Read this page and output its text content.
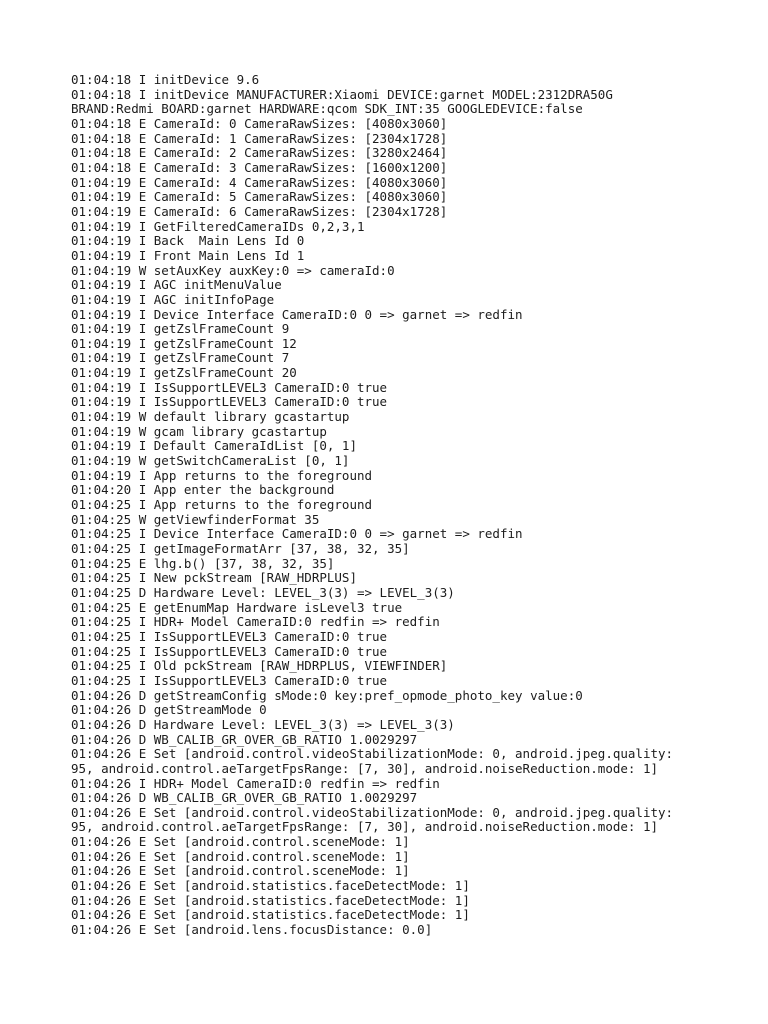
01:04:18 I initDevice 9.6
01:04:18 I initDevice MANUFACTURER:Xiaomi DEVICE:garnet MODEL:2312DRA50G
BRAND:Redmi BOARD:garnet HARDWARE:qcom SDK_INT:35 GOOGLEDEVICE:false
01:04:18 E CameraId: 0 CameraRawSizes: [4080x3060]
01:04:18 E CameraId: 1 CameraRawSizes: [2304x1728]
01:04:18 E CameraId: 2 CameraRawSizes: [3280x2464]
01:04:18 E CameraId: 3 CameraRawSizes: [1600x1200]
01:04:19 E CameraId: 4 CameraRawSizes: [4080x3060]
01:04:19 E CameraId: 5 CameraRawSizes: [4080x3060]
01:04:19 E CameraId: 6 CameraRawSizes: [2304x1728]
01:04:19 I GetFilteredCameraIDs 0,2,3,1
01:04:19 I Back  Main Lens Id 0
01:04:19 I Front Main Lens Id 1
01:04:19 W setAuxKey auxKey:0 => cameraId:0
01:04:19 I AGC initMenuValue
01:04:19 I AGC initInfoPage
01:04:19 I Device Interface CameraID:0 0 => garnet => redfin
01:04:19 I getZslFrameCount 9
01:04:19 I getZslFrameCount 12
01:04:19 I getZslFrameCount 7
01:04:19 I getZslFrameCount 20
01:04:19 I IsSupportLEVEL3 CameraID:0 true
01:04:19 I IsSupportLEVEL3 CameraID:0 true
01:04:19 W default library gcastartup
01:04:19 W gcam library gcastartup
01:04:19 I Default CameraIdList [0, 1]
01:04:19 W getSwitchCameraList [0, 1]
01:04:19 I App returns to the foreground
01:04:20 I App enter the background
01:04:25 I App returns to the foreground
01:04:25 W getViewfinderFormat 35
01:04:25 I Device Interface CameraID:0 0 => garnet => redfin
01:04:25 I getImageFormatArr [37, 38, 32, 35]
01:04:25 E lhg.b() [37, 38, 32, 35]
01:04:25 I New pckStream [RAW_HDRPLUS]
01:04:25 D Hardware Level: LEVEL_3(3) => LEVEL_3(3)
01:04:25 E getEnumMap Hardware isLevel3 true
01:04:25 I HDR+ Model CameraID:0 redfin => redfin
01:04:25 I IsSupportLEVEL3 CameraID:0 true
01:04:25 I IsSupportLEVEL3 CameraID:0 true
01:04:25 I Old pckStream [RAW_HDRPLUS, VIEWFINDER]
01:04:25 I IsSupportLEVEL3 CameraID:0 true
01:04:26 D getStreamConfig sMode:0 key:pref_opmode_photo_key value:0
01:04:26 D getStreamMode 0
01:04:26 D Hardware Level: LEVEL_3(3) => LEVEL_3(3)
01:04:26 D WB_CALIB_GR_OVER_GB_RATIO 1.0029297
01:04:26 E Set [android.control.videoStabilizationMode: 0, android.jpeg.quality:
95, android.control.aeTargetFpsRange: [7, 30], android.noiseReduction.mode: 1]
01:04:26 I HDR+ Model CameraID:0 redfin => redfin
01:04:26 D WB_CALIB_GR_OVER_GB_RATIO 1.0029297
01:04:26 E Set [android.control.videoStabilizationMode: 0, android.jpeg.quality:
95, android.control.aeTargetFpsRange: [7, 30], android.noiseReduction.mode: 1]
01:04:26 E Set [android.control.sceneMode: 1]
01:04:26 E Set [android.control.sceneMode: 1]
01:04:26 E Set [android.control.sceneMode: 1]
01:04:26 E Set [android.statistics.faceDetectMode: 1]
01:04:26 E Set [android.statistics.faceDetectMode: 1]
01:04:26 E Set [android.statistics.faceDetectMode: 1]
01:04:26 E Set [android.lens.focusDistance: 0.0]
